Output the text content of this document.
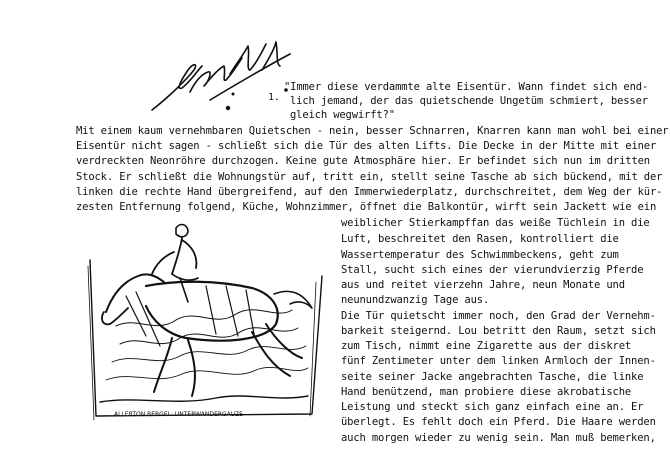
1.
"Immer diese verdammte alte Eisentür. Wann findet sich end-
lich jemand, der das quietschende Ungetüm schmiert, besser
gleich wegwirft?"
Mit einem kaum vernehmbaren Quietschen - nein, besser Schnarren, Knarren kann man wohl bei einer
Eisentür nicht sagen - schließt sich die Tür des alten Lifts. Die Decke in der Mitte mit einer
verdreckten Neonröhre durchzogen. Keine gute Atmosphäre hier. Er befindet sich nun im dritten
Stock. Er schließt die Wohnungstür auf, tritt ein, stellt seine Tasche ab sich bückend, mit der
linken die rechte Hand übergreifend, auf den Immerwiederplatz, durchschreitet, dem Weg der kür-
zesten Entfernung folgend, Küche, Wohnzimmer, öffnet die Balkontür, wirft sein Jackett wie ein
weiblicher Stierkampffan das weiße Tüchlein in die
Luft, beschreitet den Rasen, kontrolliert die
Wassertemperatur des Schwimmbeckens, geht zum
Stall, sucht sich eines der vierundvierzig Pferde
aus und reitet vierzehn Jahre, neun Monate und
neunundzwanzig Tage aus.
Die Tür quietscht immer noch, den Grad der Vernehm-
barkeit steigernd. Lou betritt den Raum, setzt sich
zum Tisch, nimmt eine Zigarette aus der diskret
fünf Zentimeter unter dem linken Armloch der Innen-
seite seiner Jacke angebrachten Tasche, die linke
Hand benützend, man probiere diese akrobatische
Leistung und steckt sich ganz einfach eine an. Er
überlegt. Es fehlt doch ein Pferd. Die Haare werden
auch morgen wieder zu wenig sein. Man muß bemerken,
ALLERTON BERGEL: UNTERWANDERGAUZE
